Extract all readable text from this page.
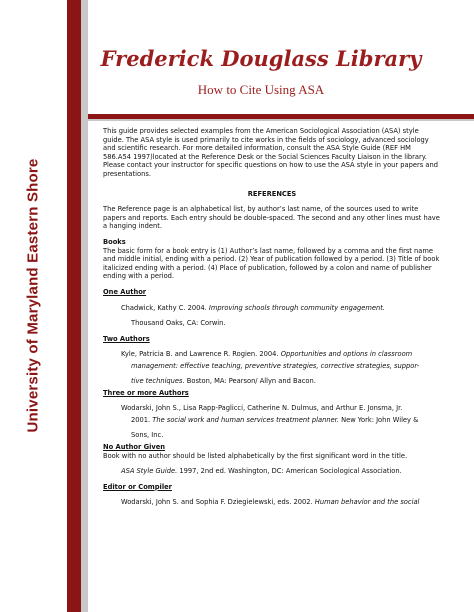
University of Maryland Eastern Shore
Frederick Douglass Library
How to Cite Using ASA

This guide provides selected examples from the American Sociological Association (ASA) style guide. The ASA style is used primarily to cite works in the fields of sociology, advanced sociology and scientific research. For more detailed information, consult the ASA Style Guide (REF HM 586.A54 1997)located at the Reference Desk or the Social Sciences Faculty Liaison in the library. Please contact your instructor for specific questions on how to use the ASA style in your papers and presentations.

REFERENCES

The Reference page is an alphabetical list, by author’s last name, of the sources used to write papers and reports. Each entry should be double-spaced. The second and any other lines must have a hanging indent.

Books

The basic form for a book entry is (1) Author’s last name, followed by a comma and the first name and middle initial, ending with a period. (2) Year of publication followed by a period. (3) Title of book italicized ending with a period. (4) Place of publication, followed by a colon and name of publisher ending with a period.

One Author

Chadwick, Kathy C. 2004. Improving schools through community engagement.

Thousand Oaks, CA: Corwin.

Two Authors

Kyle, Patricia B. and Lawrence R. Rogien. 2004. Opportunities and options in classroom

management: effective teaching, preventive strategies, corrective strategies, suppor-

tive techniques. Boston, MA: Pearson/ Allyn and Bacon.

Three or more Authors

Wodarski, John S., Lisa Rapp-Paglicci, Catherine N. Dulmus, and Arthur E. Jonsma, Jr.

2001. The social work and human services treatment planner. New York: John Wiley &

Sons, Inc.

No Author Given

Book with no author should be listed alphabetically by the first significant word in the title.

ASA Style Guide. 1997, 2nd ed. Washington, DC: American Sociological Association.

Editor or Compiler

Wodarski, John S. and Sophia F. Dziegielewski, eds. 2002. Human behavior and the social
